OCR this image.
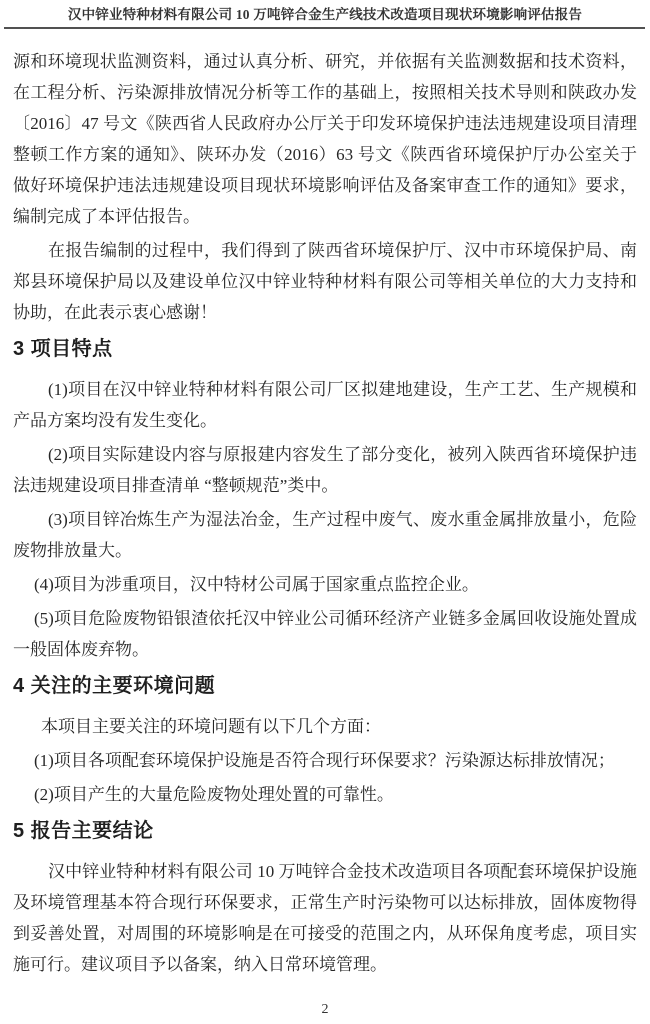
汉中锌业特种材料有限公司 10 万吨锌合金生产线技术改造项目现状环境影响评估报告

源和环境现状监测资料，通过认真分析、研究，并依据有关监测数据和技术资料，在工程分析、污染源排放情况分析等工作的基础上，按照相关技术导则和陕政办发〔2016〕47 号文《陕西省人民政府办公厅关于印发环境保护违法违规建设项目清理整顿工作方案的通知》、陕环办发（2016）63 号文《陕西省环境保护厅办公室关于做好环境保护违法违规建设项目现状环境影响评估及备案审查工作的通知》要求，编制完成了本评估报告。

在报告编制的过程中，我们得到了陕西省环境保护厅、汉中市环境保护局、南郑县环境保护局以及建设单位汉中锌业特种材料有限公司等相关单位的大力支持和协助，在此表示衷心感谢！

3 项目特点

(1)项目在汉中锌业特种材料有限公司厂区拟建地建设，生产工艺、生产规模和产品方案均没有发生变化。

(2)项目实际建设内容与原报建内容发生了部分变化，被列入陕西省环境保护违法违规建设项目排查清单 “整顿规范”类中。

(3)项目锌冶炼生产为湿法冶金，生产过程中废气、废水重金属排放量小，危险废物排放量大。

(4)项目为涉重项目，汉中特材公司属于国家重点监控企业。

(5)项目危险废物铅银渣依托汉中锌业公司循环经济产业链多金属回收设施处置成一般固体废弃物。

4 关注的主要环境问题

本项目主要关注的环境问题有以下几个方面：

(1)项目各项配套环境保护设施是否符合现行环保要求？污染源达标排放情况；

(2)项目产生的大量危险废物处理处置的可靠性。

5 报告主要结论

汉中锌业特种材料有限公司 10 万吨锌合金技术改造项目各项配套环境保护设施及环境管理基本符合现行环保要求，正常生产时污染物可以达标排放，固体废物得到妥善处置，对周围的环境影响是在可接受的范围之内，从环保角度考虑，项目实施可行。建议项目予以备案，纳入日常环境管理。

2
